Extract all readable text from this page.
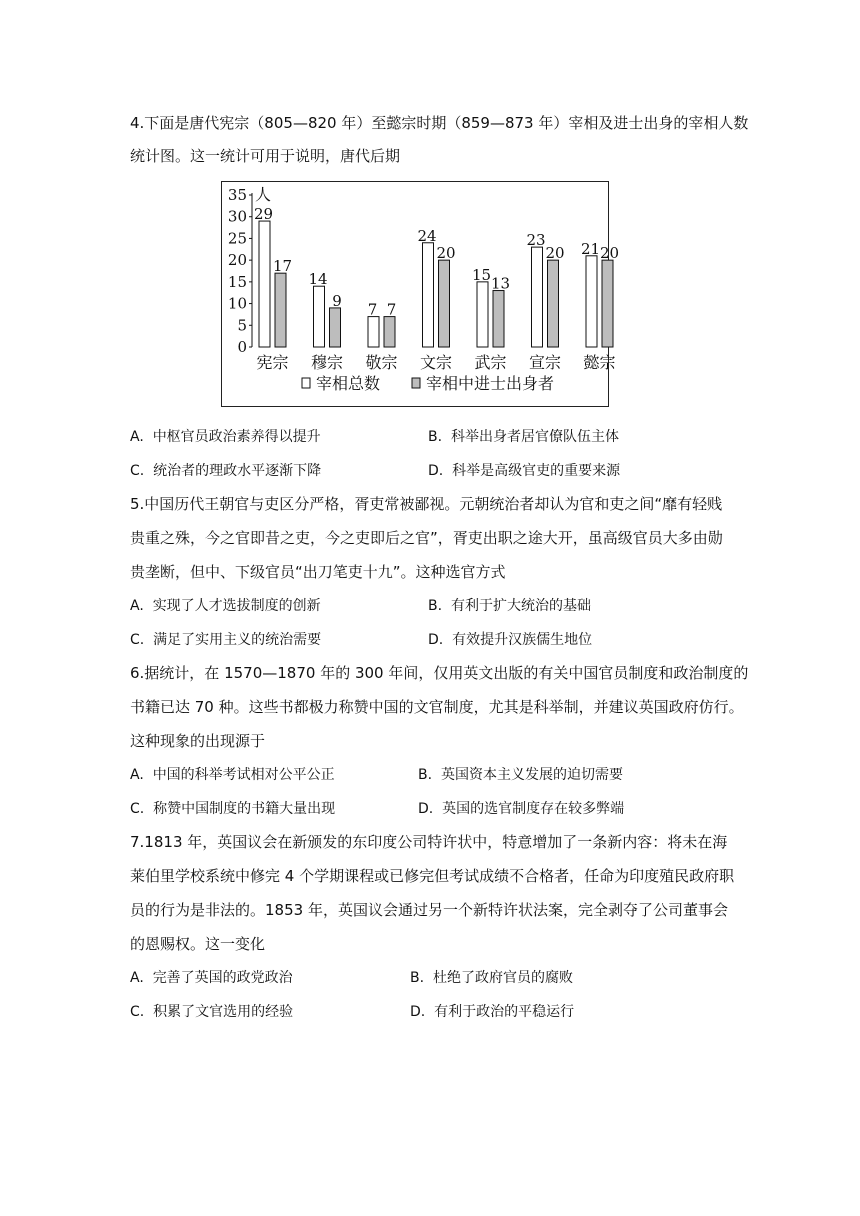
4.下面是唐代宪宗（805—820 年）至懿宗时期（859—873 年）宰相及进士出身的宰相人数
统计图。这一统计可用于说明，唐代后期
0
5
10
15
20
25
30
35 人
29
17
宪宗
14
9
穆宗
7 7
敬宗
24
20
文宗
15 13
武宗
23
20
宣宗
21 20
懿宗
宰相总数	宰相中进士出身者
A. 中枢官员政治素养得以提升	B. 科举出身者居官僚队伍主体
C. 统治者的理政水平逐渐下降	D. 科举是高级官吏的重要来源
5.中国历代王朝官与吏区分严格，胥吏常被鄙视。元朝统治者却认为官和吏之间“靡有轻贱
贵重之殊，今之官即昔之吏，今之吏即后之官”，胥吏出职之途大开，虽高级官员大多由勋
贵垄断，但中、下级官员“出刀笔吏十九”。这种选官方式
A. 实现了人才选拔制度的创新	B. 有利于扩大统治的基础
C. 满足了实用主义的统治需要	D. 有效提升汉族儒生地位
6.据统计，在 1570—1870 年的 300 年间，仅用英文出版的有关中国官员制度和政治制度的
书籍已达 70 种。这些书都极力称赞中国的文官制度，尤其是科举制，并建议英国政府仿行。
这种现象的出现源于
A. 中国的科举考试相对公平公正	B. 英国资本主义发展的迫切需要
C. 称赞中国制度的书籍大量出现	D. 英国的选官制度存在较多弊端
7.1813 年，英国议会在新颁发的东印度公司特许状中，特意增加了一条新内容：将未在海
莱伯里学校系统中修完 4 个学期课程或已修完但考试成绩不合格者，任命为印度殖民政府职
员的行为是非法的。1853 年，英国议会通过另一个新特许状法案，完全剥夺了公司董事会
的恩赐权。这一变化
A. 完善了英国的政党政治	B. 杜绝了政府官员的腐败
C. 积累了文官选用的经验	D. 有利于政治的平稳运行
